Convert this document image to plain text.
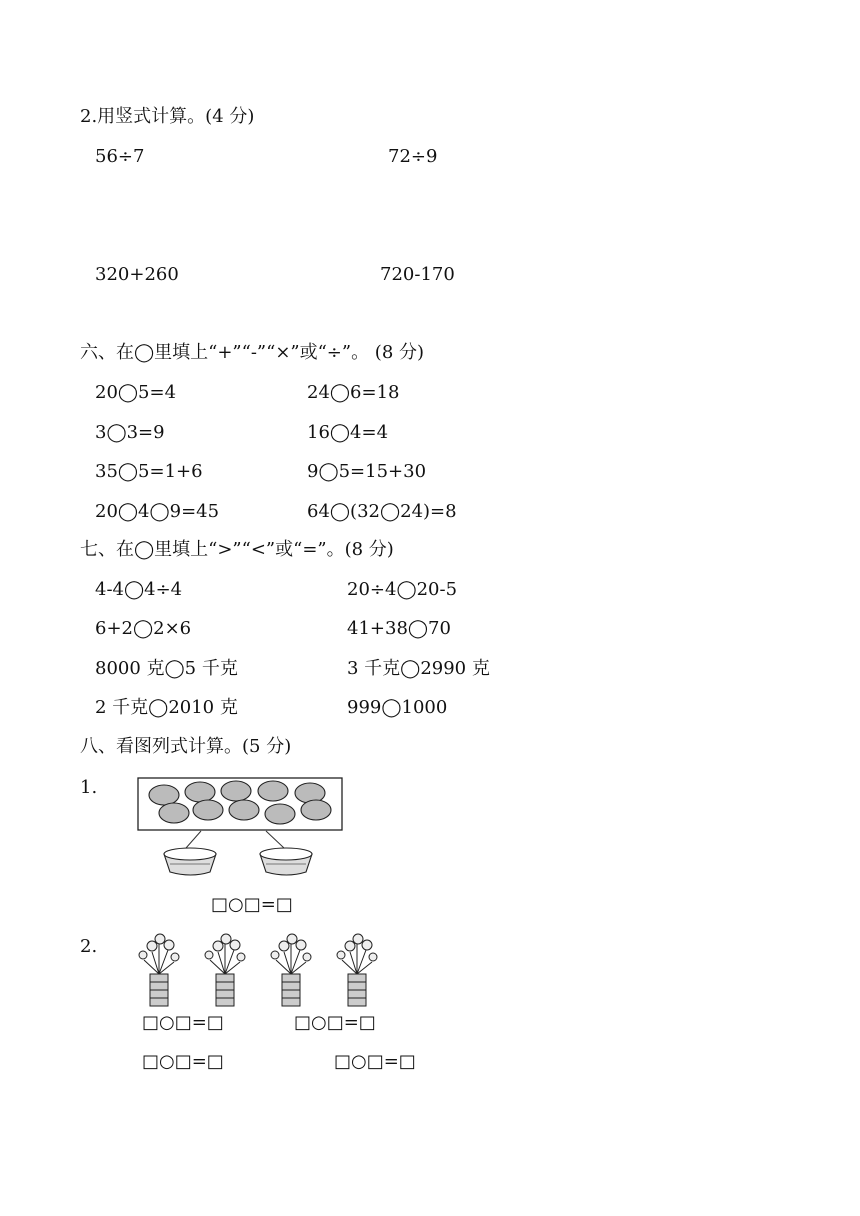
2.用竖式计算。(4 分)
56÷7	72÷9
320+260	720-170
六、在◯里填上“+”“-”“×”或“÷”。 (8 分)
20◯5=4	24◯6=18
3◯3=9	16◯4=4
35◯5=1+6	9◯5=15+30
20◯4◯9=45	64◯(32◯24)=8
七、在◯里填上“>”“<”或“=”。(8 分)
4-4◯4÷4	20÷4◯20-5
6+2◯2×6	41+38◯70
8000 克◯5 千克	3 千克◯2990 克
2 千克◯2010 克	999◯1000
八、看图列式计算。(5 分)
1.
□○□=□
2.
□○□=□	□○□=□
□○□=□	□○□=□
